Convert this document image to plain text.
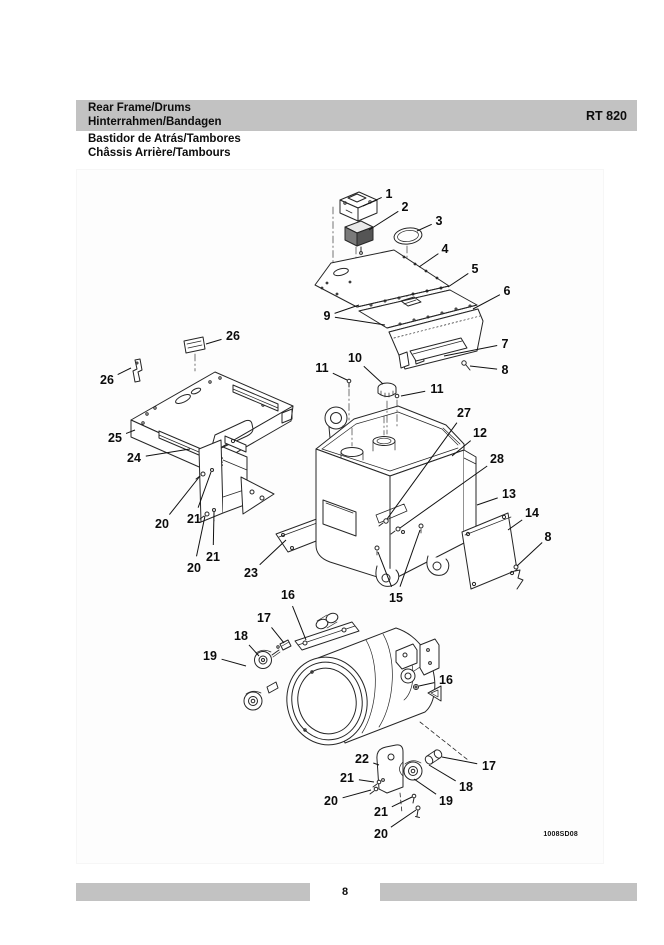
Rear Frame/Drums
Hinterrahmen/Bandagen	RT 820
Bastidor de Atrás/Tambores
Châssis Arrière/Tambours
1
2
3
4
5
6
9
7
8
10
11
11
27
12
28
13
14
8
15
26
26
25
24
20 21
21
20	23
16
17
18
19
16
22
21
20
21
20
17
18
19
1008SD08
8
